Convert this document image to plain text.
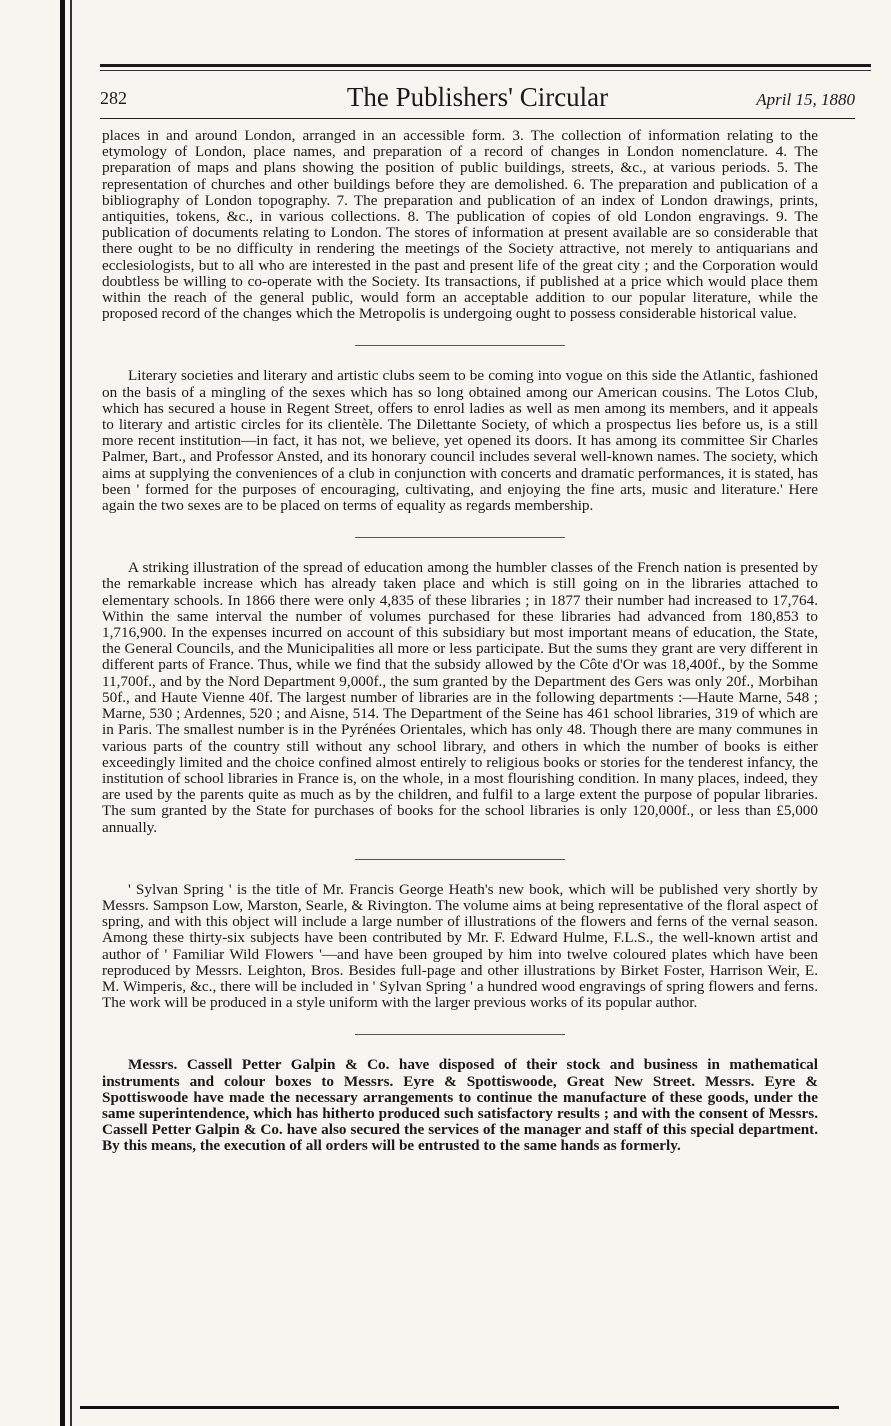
282	The Publishers' Circular	April 15, 1880

places in and around London, arranged in an accessible form. 3. The collection of information relating to the etymology of London, place names, and preparation of a record of changes in London nomenclature. 4. The preparation of maps and plans showing the position of public buildings, streets, &c., at various periods. 5. The representation of churches and other buildings before they are demolished. 6. The preparation and publication of a bibliography of London topography. 7. The preparation and publication of an index of London drawings, prints, antiquities, tokens, &c., in various collections. 8. The publication of copies of old London engravings. 9. The publication of documents relating to London. The stores of information at present available are so considerable that there ought to be no difficulty in rendering the meetings of the Society attractive, not merely to antiquarians and ecclesiologists, but to all who are interested in the past and present life of the great city ; and the Corporation would doubtless be willing to co-operate with the Society. Its transactions, if published at a price which would place them within the reach of the general public, would form an acceptable addition to our popular literature, while the proposed record of the changes which the Metropolis is undergoing ought to possess considerable historical value.

Literary societies and literary and artistic clubs seem to be coming into vogue on this side the Atlantic, fashioned on the basis of a mingling of the sexes which has so long obtained among our American cousins. The Lotos Club, which has secured a house in Regent Street, offers to enrol ladies as well as men among its members, and it appeals to literary and artistic circles for its clientèle. The Dilettante Society, of which a prospectus lies before us, is a still more recent institution—in fact, it has not, we believe, yet opened its doors. It has among its committee Sir Charles Palmer, Bart., and Professor Ansted, and its honorary council includes several well-known names. The society, which aims at supplying the conveniences of a club in conjunction with concerts and dramatic performances, it is stated, has been ' formed for the purposes of encouraging, cultivating, and enjoying the fine arts, music and literature.' Here again the two sexes are to be placed on terms of equality as regards membership.

A striking illustration of the spread of education among the humbler classes of the French nation is presented by the remarkable increase which has already taken place and which is still going on in the libraries attached to elementary schools. In 1866 there were only 4,835 of these libraries ; in 1877 their number had increased to 17,764. Within the same interval the number of volumes purchased for these libraries had advanced from 180,853 to 1,716,900. In the expenses incurred on account of this subsidiary but most important means of education, the State, the General Councils, and the Municipalities all more or less participate. But the sums they grant are very different in different parts of France. Thus, while we find that the subsidy allowed by the Côte d'Or was 18,400f., by the Somme 11,700f., and by the Nord Department 9,000f., the sum granted by the Department des Gers was only 20f., Morbihan 50f., and Haute Vienne 40f. The largest number of libraries are in the following departments :—Haute Marne, 548 ; Marne, 530 ; Ardennes, 520 ; and Aisne, 514. The Department of the Seine has 461 school libraries, 319 of which are in Paris. The smallest number is in the Pyrénées Orientales, which has only 48. Though there are many communes in various parts of the country still without any school library, and others in which the number of books is either exceedingly limited and the choice confined almost entirely to religious books or stories for the tenderest infancy, the institution of school libraries in France is, on the whole, in a most flourishing condition. In many places, indeed, they are used by the parents quite as much as by the children, and fulfil to a large extent the purpose of popular libraries. The sum granted by the State for purchases of books for the school libraries is only 120,000f., or less than £5,000 annually.

' Sylvan Spring ' is the title of Mr. Francis George Heath's new book, which will be published very shortly by Messrs. Sampson Low, Marston, Searle, & Rivington. The volume aims at being representative of the floral aspect of spring, and with this object will include a large number of illustrations of the flowers and ferns of the vernal season. Among these thirty-six subjects have been contributed by Mr. F. Edward Hulme, F.L.S., the well-known artist and author of ' Familiar Wild Flowers '—and have been grouped by him into twelve coloured plates which have been reproduced by Messrs. Leighton, Bros. Besides full-page and other illustrations by Birket Foster, Harrison Weir, E. M. Wimperis, &c., there will be included in ' Sylvan Spring ' a hundred wood engravings of spring flowers and ferns. The work will be produced in a style uniform with the larger previous works of its popular author.

Messrs. Cassell Petter Galpin & Co. have disposed of their stock and business in mathematical instruments and colour boxes to Messrs. Eyre & Spottiswoode, Great New Street. Messrs. Eyre & Spottiswoode have made the necessary arrangements to continue the manufacture of these goods, under the same superintendence, which has hitherto produced such satisfactory results ; and with the consent of Messrs. Cassell Petter Galpin & Co. have also secured the services of the manager and staff of this special department. By this means, the execution of all orders will be entrusted to the same hands as formerly.
